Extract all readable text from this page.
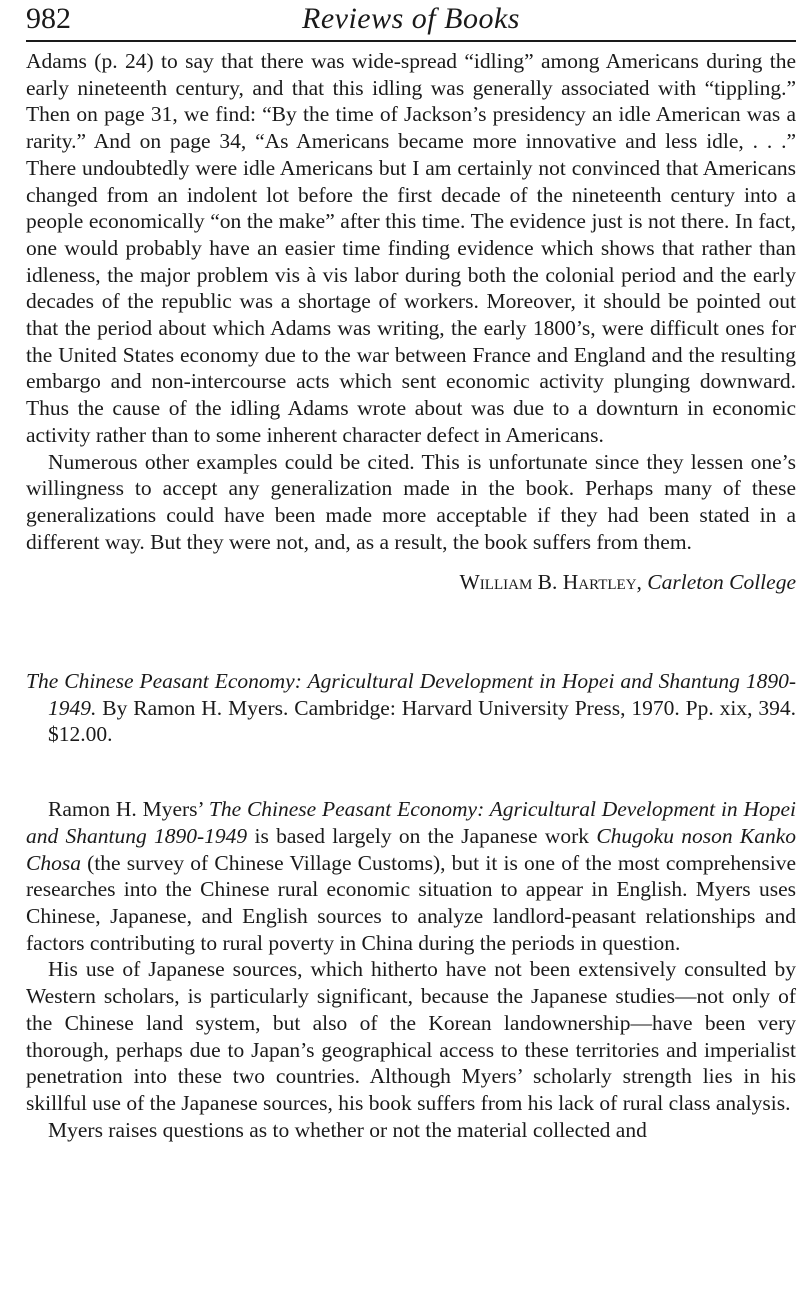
982	Reviews of Books

Adams (p. 24) to say that there was wide-spread “idling” among Americans during the early nineteenth century, and that this idling was generally associated with “tippling.” Then on page 31, we find: “By the time of Jackson’s presidency an idle American was a rarity.” And on page 34, “As Americans became more innovative and less idle, . . .” There undoubtedly were idle Americans but I am certainly not convinced that Americans changed from an indolent lot before the first decade of the nineteenth century into a people economically “on the make” after this time. The evidence just is not there. In fact, one would probably have an easier time finding evidence which shows that rather than idleness, the major problem vis à vis labor during both the colonial period and the early decades of the republic was a shortage of workers. Moreover, it should be pointed out that the period about which Adams was writing, the early 1800’s, were difficult ones for the United States economy due to the war between France and England and the resulting embargo and non-intercourse acts which sent economic activity plunging downward. Thus the cause of the idling Adams wrote about was due to a downturn in economic activity rather than to some inherent character defect in Americans.

Numerous other examples could be cited. This is unfortunate since they lessen one’s willingness to accept any generalization made in the book. Perhaps many of these generalizations could have been made more acceptable if they had been stated in a different way. But they were not, and, as a result, the book suffers from them.

William B. Hartley, Carleton College
The Chinese Peasant Economy: Agricultural Development in Hopei and Shantung 1890-1949. By Ramon H. Myers. Cambridge: Harvard University Press, 1970. Pp. xix, 394. $12.00.

Ramon H. Myers’ The Chinese Peasant Economy: Agricultural Development in Hopei and Shantung 1890-1949 is based largely on the Japanese work Chugoku noson Kanko Chosa (the survey of Chinese Village Customs), but it is one of the most comprehensive researches into the Chinese rural economic situation to appear in English. Myers uses Chinese, Japanese, and English sources to analyze landlord-peasant relationships and factors contributing to rural poverty in China during the periods in question.

His use of Japanese sources, which hitherto have not been extensively consulted by Western scholars, is particularly significant, because the Japanese studies—not only of the Chinese land system, but also of the Korean landownership—have been very thorough, perhaps due to Japan’s geographical access to these territories and imperialist penetration into these two countries. Although Myers’ scholarly strength lies in his skillful use of the Japanese sources, his book suffers from his lack of rural class analysis.

Myers raises questions as to whether or not the material collected and
